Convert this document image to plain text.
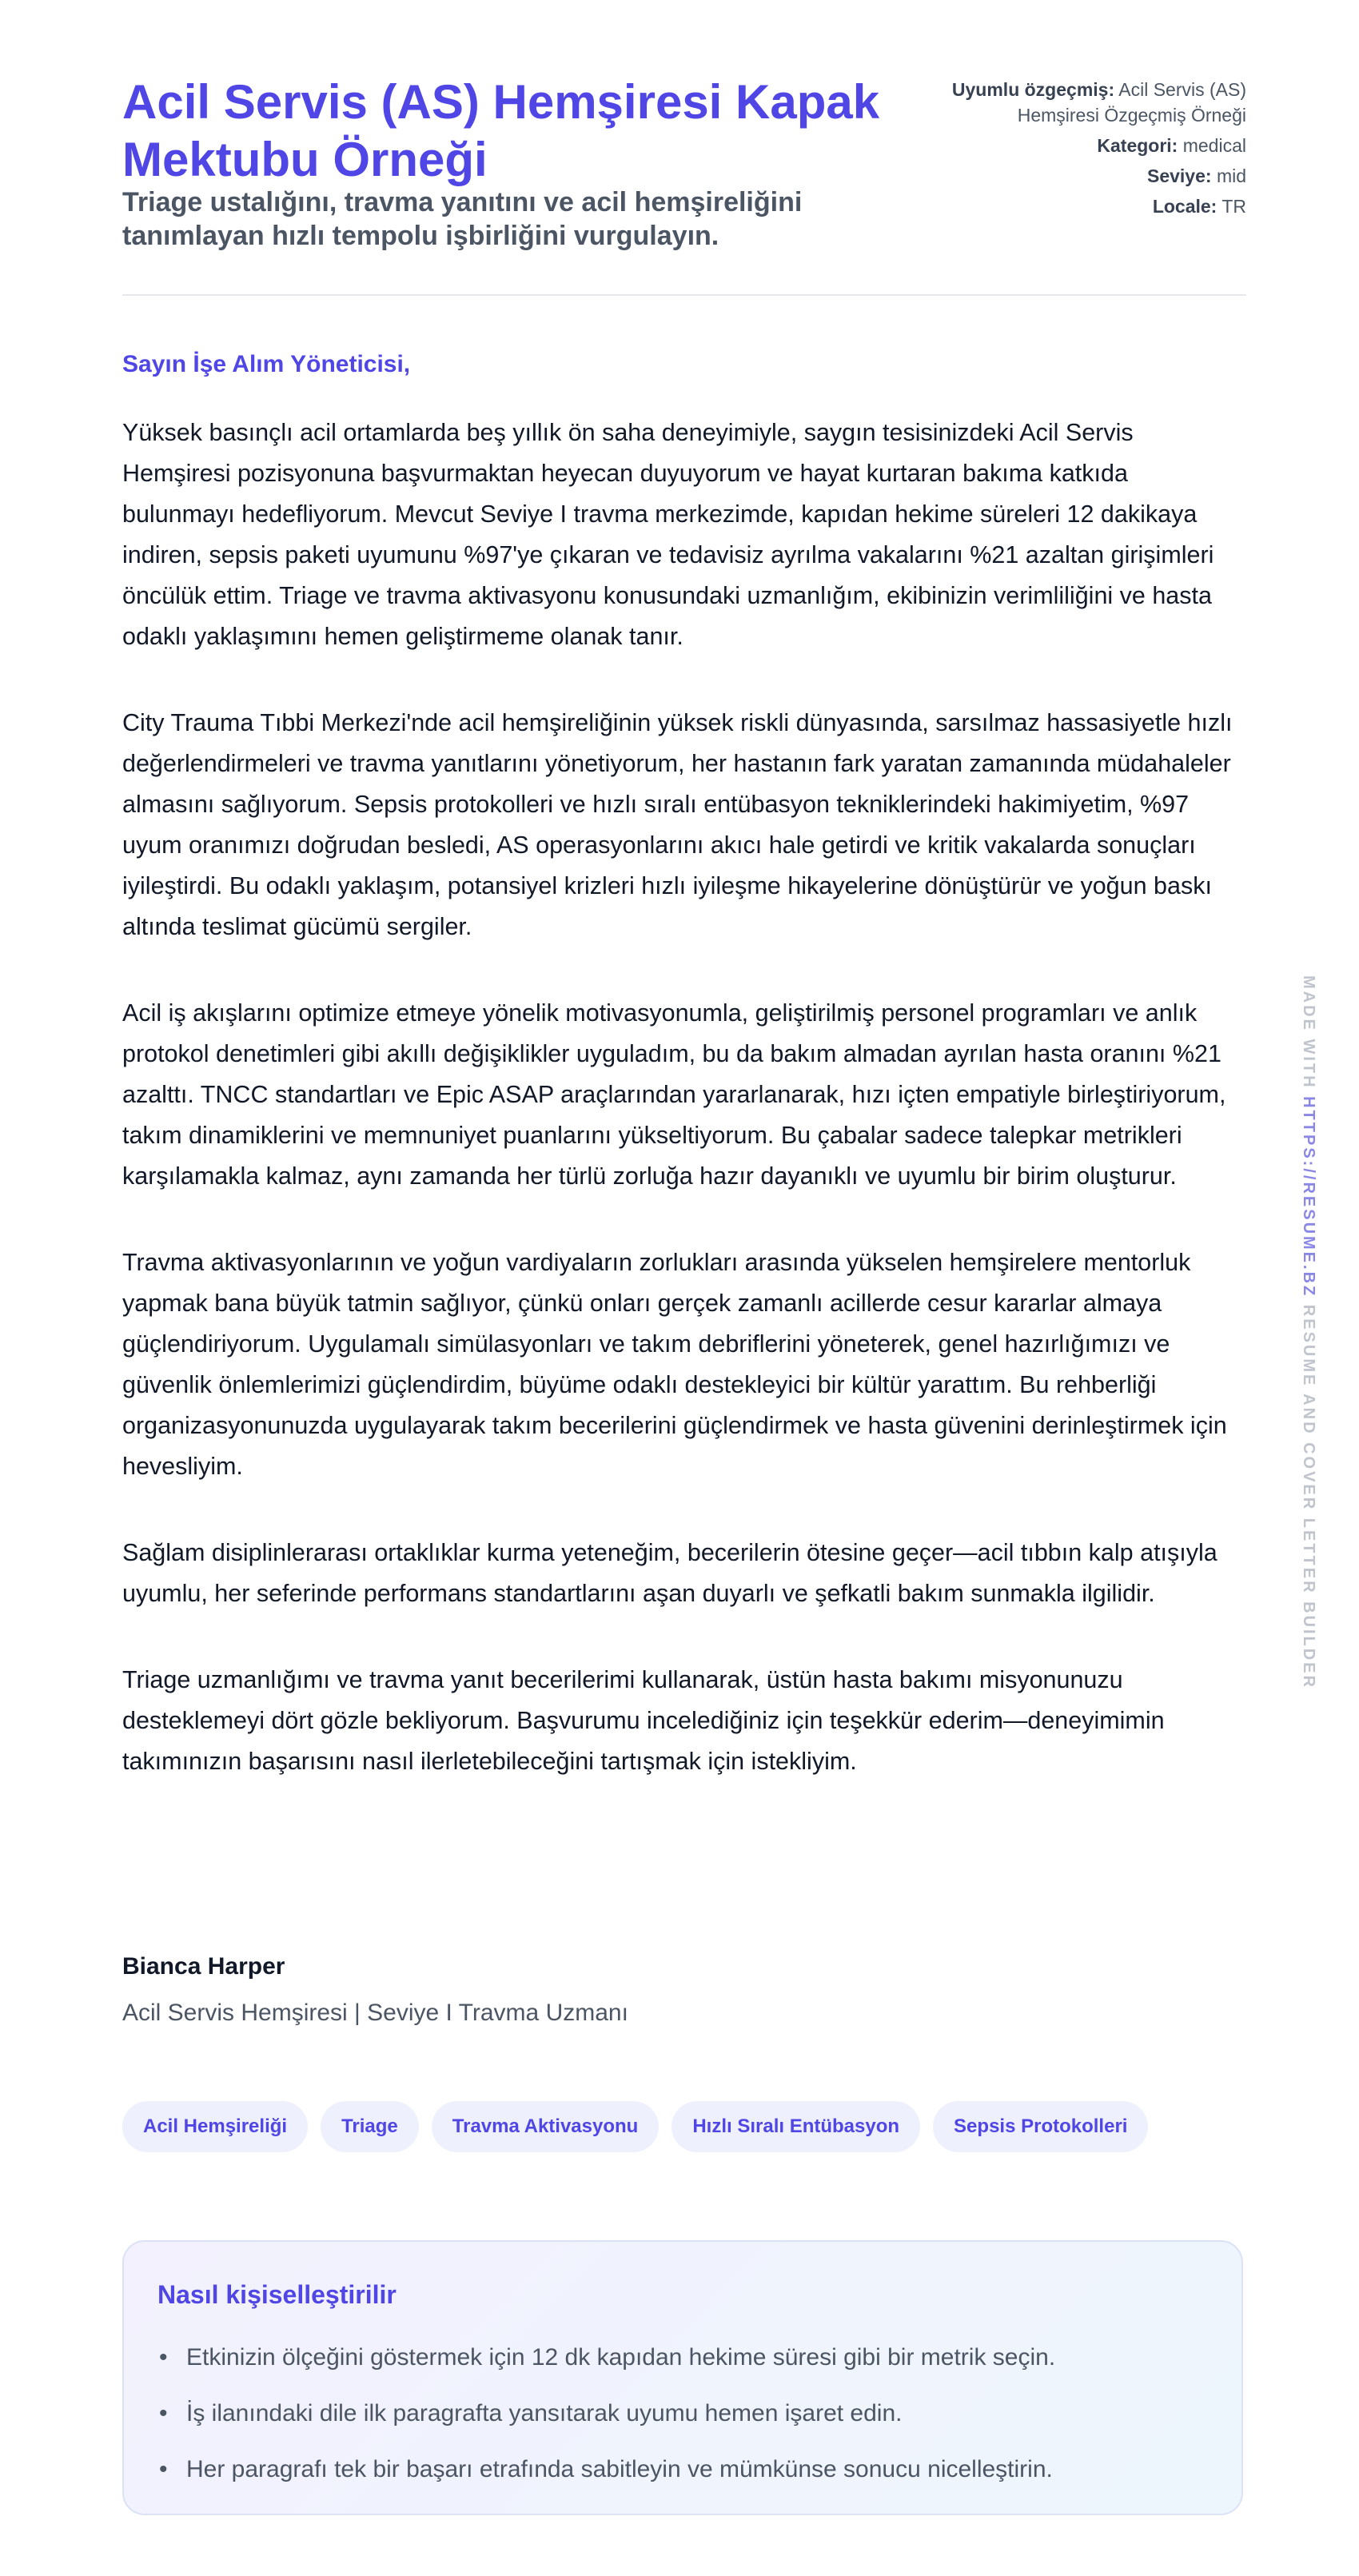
Acil Servis (AS) Hemşiresi Kapak Mektubu Örneği

Triage ustalığını, travma yanıtını ve acil hemşireliğini tanımlayan hızlı tempolu işbirliğini vurgulayın.

Uyumlu özgeçmiş: Acil Servis (AS) Hemşiresi Özgeçmiş Örneği

Kategori: medical

Seviye: mid

Locale: TR

Sayın İşe Alım Yöneticisi,

Yüksek basınçlı acil ortamlarda beş yıllık ön saha deneyimiyle, saygın tesisinizdeki Acil Servis Hemşiresi pozisyonuna başvurmaktan heyecan duyuyorum ve hayat kurtaran bakıma katkıda bulunmayı hedefliyorum. Mevcut Seviye I travma merkezimde, kapıdan hekime süreleri 12 dakikaya indiren, sepsis paketi uyumunu %97'ye çıkaran ve tedavisiz ayrılma vakalarını %21 azaltan girişimleri öncülük ettim. Triage ve travma aktivasyonu konusundaki uzmanlığım, ekibinizin verimliliğini ve hasta odaklı yaklaşımını hemen geliştirmeme olanak tanır.

City Trauma Tıbbi Merkezi'nde acil hemşireliğinin yüksek riskli dünyasında, sarsılmaz hassasiyetle hızlı değerlendirmeleri ve travma yanıtlarını yönetiyorum, her hastanın fark yaratan zamanında müdahaleler almasını sağlıyorum. Sepsis protokolleri ve hızlı sıralı entübasyon tekniklerindeki hakimiyetim, %97 uyum oranımızı doğrudan besledi, AS operasyonlarını akıcı hale getirdi ve kritik vakalarda sonuçları iyileştirdi. Bu odaklı yaklaşım, potansiyel krizleri hızlı iyileşme hikayelerine dönüştürür ve yoğun baskı altında teslimat gücümü sergiler.

Acil iş akışlarını optimize etmeye yönelik motivasyonumla, geliştirilmiş personel programları ve anlık protokol denetimleri gibi akıllı değişiklikler uyguladım, bu da bakım almadan ayrılan hasta oranını %21 azalttı. TNCC standartları ve Epic ASAP araçlarından yararlanarak, hızı içten empatiyle birleştiriyorum, takım dinamiklerini ve memnuniyet puanlarını yükseltiyorum. Bu çabalar sadece talepkar metrikleri karşılamakla kalmaz, aynı zamanda her türlü zorluğa hazır dayanıklı ve uyumlu bir birim oluşturur.

Travma aktivasyonlarının ve yoğun vardiyaların zorlukları arasında yükselen hemşirelere mentorluk yapmak bana büyük tatmin sağlıyor, çünkü onları gerçek zamanlı acillerde cesur kararlar almaya güçlendiriyorum. Uygulamalı simülasyonları ve takım debriflerini yöneterek, genel hazırlığımızı ve güvenlik önlemlerimizi güçlendirdim, büyüme odaklı destekleyici bir kültür yarattım. Bu rehberliği organizasyonunuzda uygulayarak takım becerilerini güçlendirmek ve hasta güvenini derinleştirmek için hevesliyim.

Sağlam disiplinlerarası ortaklıklar kurma yeteneğim, becerilerin ötesine geçer—acil tıbbın kalp atışıyla uyumlu, her seferinde performans standartlarını aşan duyarlı ve şefkatli bakım sunmakla ilgilidir.

Triage uzmanlığımı ve travma yanıt becerilerimi kullanarak, üstün hasta bakımı misyonunuzu desteklemeyi dört gözle bekliyorum. Başvurumu incelediğiniz için teşekkür ederim—deneyimimin takımınızın başarısını nasıl ilerletebileceğini tartışmak için istekliyim.

Bianca Harper

Acil Servis Hemşiresi | Seviye I Travma Uzmanı

Acil Hemşireliği	Triage	Travma Aktivasyonu	Hızlı Sıralı Entübasyon	Sepsis Protokolleri
Nasıl kişiselleştirilir
• Etkinizin ölçeğini göstermek için 12 dk kapıdan hekime süresi gibi bir metrik seçin.
• İş ilanındaki dile ilk paragrafta yansıtarak uyumu hemen işaret edin.
• Her paragrafı tek bir başarı etrafında sabitleyin ve mümkünse sonucu nicelleştirin.
MADE WITH HTTPS://RESUME.BZ RESUME AND COVER LETTER BUILDER
